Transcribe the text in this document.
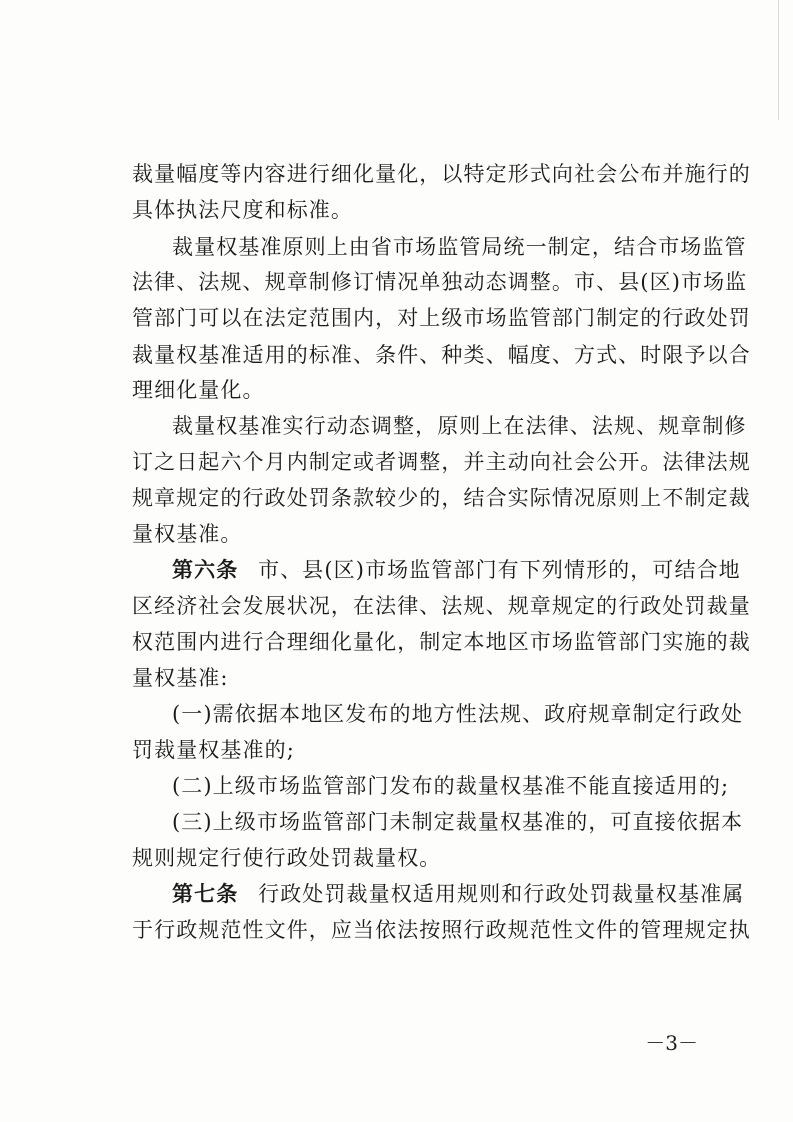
裁量幅度等内容进行细化量化，以特定形式向社会公布并施行的
具体执法尺度和标准。
裁量权基准原则上由省市场监管局统一制定，结合市场监管
法律、法规、规章制修订情况单独动态调整。市、县(区)市场监
管部门可以在法定范围内，对上级市场监管部门制定的行政处罚
裁量权基准适用的标准、条件、种类、幅度、方式、时限予以合
理细化量化。
裁量权基准实行动态调整，原则上在法律、法规、规章制修
订之日起六个月内制定或者调整，并主动向社会公开。法律法规
规章规定的行政处罚条款较少的，结合实际情况原则上不制定裁
量权基准。
第六条 市、县(区)市场监管部门有下列情形的，可结合地
区经济社会发展状况，在法律、法规、规章规定的行政处罚裁量
权范围内进行合理细化量化，制定本地区市场监管部门实施的裁
量权基准:
(一)需依据本地区发布的地方性法规、政府规章制定行政处
罚裁量权基准的;
(二)上级市场监管部门发布的裁量权基准不能直接适用的;
(三)上级市场监管部门未制定裁量权基准的，可直接依据本
规则规定行使行政处罚裁量权。
第七条 行政处罚裁量权适用规则和行政处罚裁量权基准属
于行政规范性文件，应当依法按照行政规范性文件的管理规定执
－3－
